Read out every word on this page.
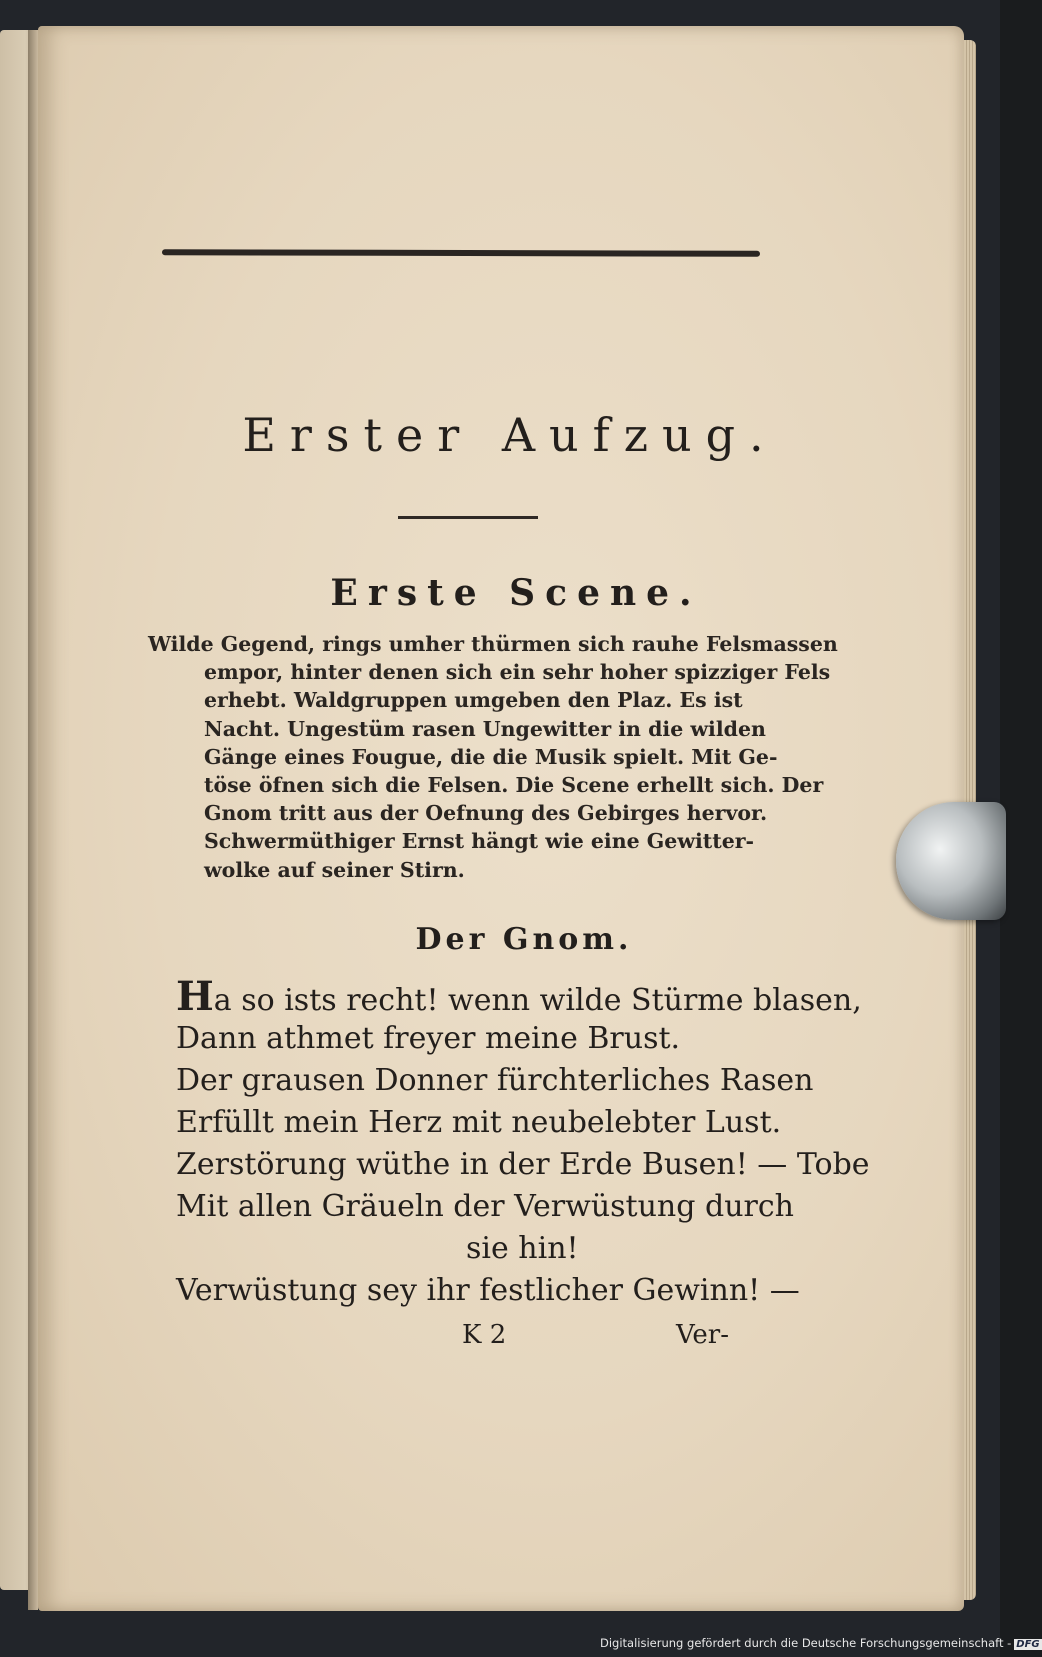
Erster Aufzug.
Erste Scene.
Wilde Gegend, rings umher thürmen sich rauhe Felsmassen
empor, hinter denen sich ein sehr hoher spizziger Fels
erhebt. Waldgruppen umgeben den Plaz. Es ist
Nacht. Ungestüm rasen Ungewitter in die wilden
Gänge eines Fougue, die die Musik spielt. Mit Ge-
töse öfnen sich die Felsen. Die Scene erhellt sich. Der
Gnom tritt aus der Oefnung des Gebirges hervor.
Schwermüthiger Ernst hängt wie eine Gewitter-
wolke auf seiner Stirn.
Der Gnom.
Ha so ists recht! wenn wilde Stürme blasen,
Dann athmet freyer meine Brust.
Der grausen Donner fürchterliches Rasen
Erfüllt mein Herz mit neubelebter Lust.
Zerstörung wüthe in der Erde Busen! — Tobe
Mit allen Gräueln der Verwüstung durch
sie hin!
Verwüstung sey ihr festlicher Gewinn! —
K 2	Ver-
Digitalisierung gefördert durch die Deutsche Forschungsgemeinschaft - DFG
